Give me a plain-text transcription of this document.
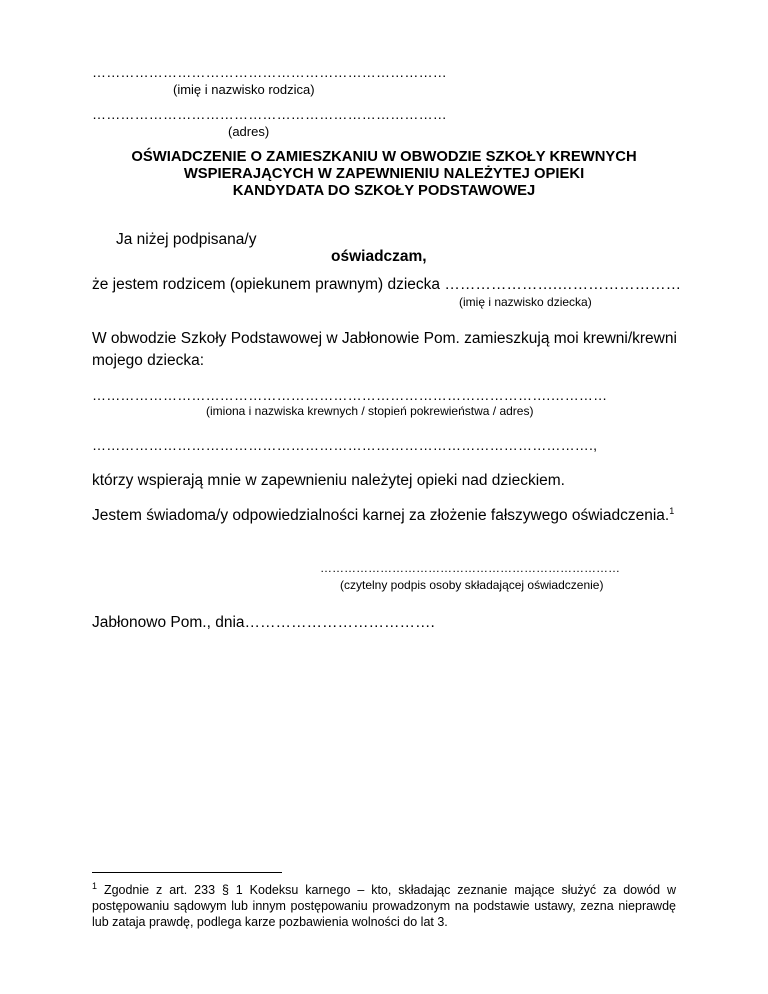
…………………………………………………………………
(imię i nazwisko rodzica)
…………………………………………………………………
(adres)
OŚWIADCZENIE O ZAMIESZKANIU W OBWODZIE SZKOŁY KREWNYCH
WSPIERAJĄCYCH W ZAPEWNIENIU NALEŻYTEJ OPIEKI
KANDYDATA DO SZKOŁY PODSTAWOWEJ
Ja niżej podpisana/y
oświadczam,
że jestem rodzicem (opiekunem prawnym) dziecka ………………….……………………
(imię i nazwisko dziecka)
W obwodzie Szkoły Podstawowej w Jabłonowie Pom. zamieszkują moi krewni/krewni mojego dziecka:
…………………………………………………………………………………….…………
(imiona i nazwiska krewnych / stopień pokrewieństwa / adres)
…………………………………………………………………………………………….,
którzy wspierają mnie w zapewnieniu należytej opieki nad dzieckiem.
Jestem świadoma/y odpowiedzialności karnej za złożenie fałszywego oświadczenia.$^1$
…………………………………………………………………
(czytelny podpis osoby składającej oświadczenie)
Jabłonowo Pom., dnia……………………………….
$^1$ Zgodnie z art. 233 § 1 Kodeksu karnego – kto, składając zeznanie mające służyć za dowód w postępowaniu sądowym lub innym postępowaniu prowadzonym na podstawie ustawy, zezna nieprawdę lub zataja prawdę, podlega karze pozbawienia wolności do lat 3.
